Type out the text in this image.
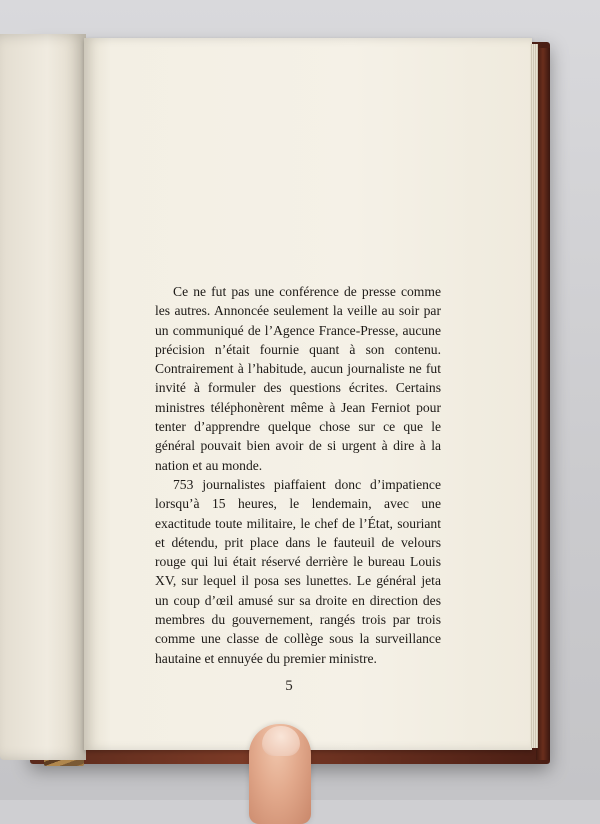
Ce ne fut pas une conférence de presse comme les autres. Annoncée seulement la veille au soir par un communiqué de l’Agence France-Presse, aucune précision n’était fournie quant à son contenu. Contrairement à l’habitude, aucun journaliste ne fut invité à formuler des questions écrites. Certains ministres téléphonèrent même à Jean Ferniot pour tenter d’apprendre quelque chose sur ce que le général pouvait bien avoir de si urgent à dire à la nation et au monde.

753 journalistes piaffaient donc d’impatience lorsqu’à 15 heures, le lendemain, avec une exactitude toute militaire, le chef de l’État, souriant et détendu, prit place dans le fauteuil de velours rouge qui lui était réservé derrière le bureau Louis XV, sur lequel il posa ses lunettes. Le général jeta un coup d’œil amusé sur sa droite en direction des membres du gouvernement, rangés trois par trois comme une classe de collège sous la surveillance hautaine et ennuyée du premier ministre.

5
